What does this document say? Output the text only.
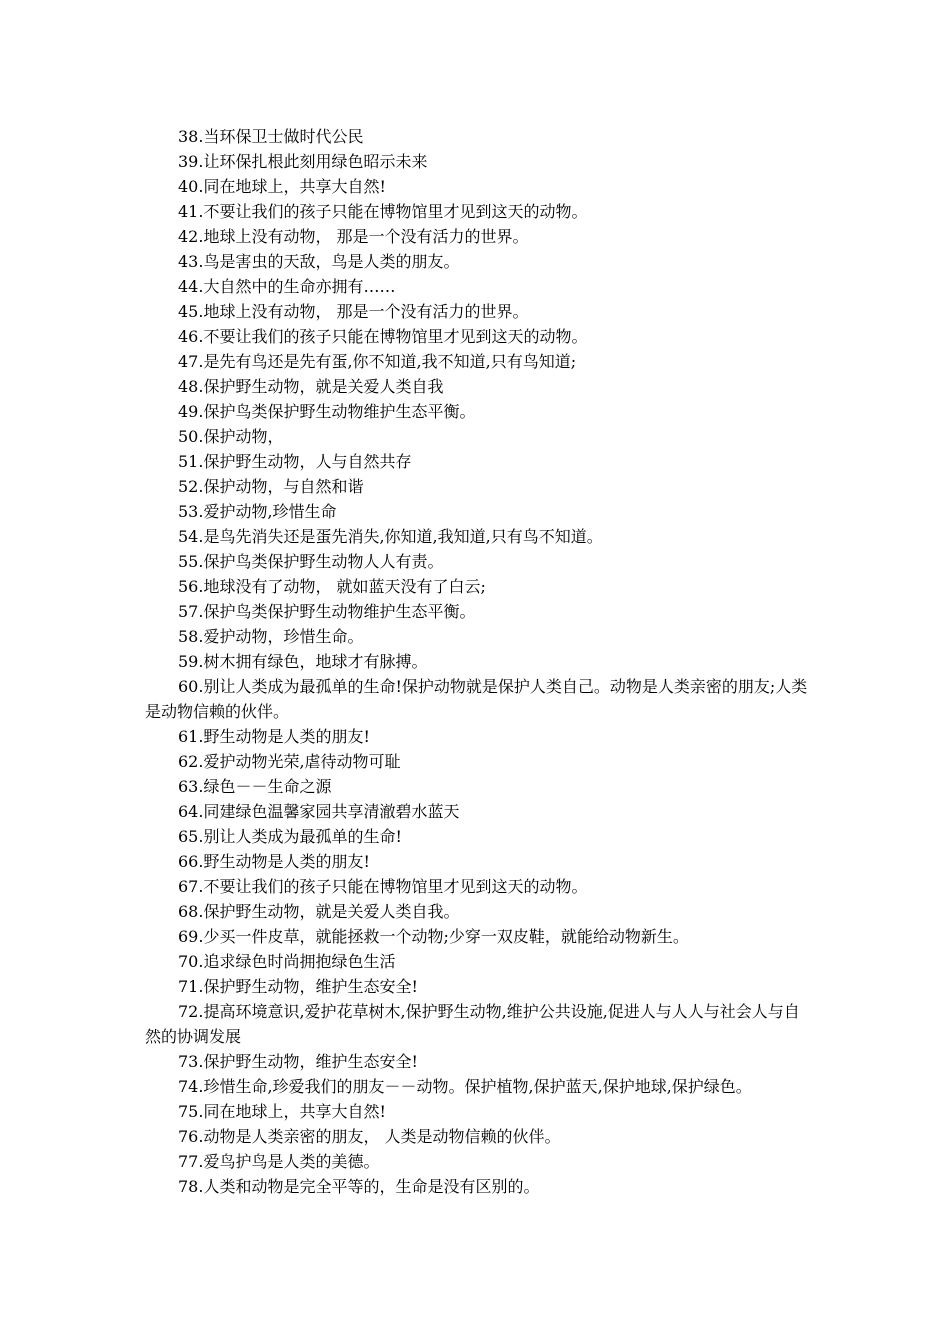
38.当环保卫士做时代公民

39.让环保扎根此刻用绿色昭示未来

40.同在地球上，共享大自然!

41.不要让我们的孩子只能在博物馆里才见到这天的动物。

42.地球上没有动物， 那是一个没有活力的世界。

43.鸟是害虫的天敌，鸟是人类的朋友。

44.大自然中的生命亦拥有……

45.地球上没有动物， 那是一个没有活力的世界。

46.不要让我们的孩子只能在博物馆里才见到这天的动物。

47.是先有鸟还是先有蛋,你不知道,我不知道,只有鸟知道;

48.保护野生动物，就是关爱人类自我

49.保护鸟类保护野生动物维护生态平衡。

50.保护动物，

51.保护野生动物，人与自然共存

52.保护动物，与自然和谐

53.爱护动物,珍惜生命

54.是鸟先消失还是蛋先消失,你知道,我知道,只有鸟不知道。

55.保护鸟类保护野生动物人人有责。

56.地球没有了动物， 就如蓝天没有了白云;

57.保护鸟类保护野生动物维护生态平衡。

58.爱护动物，珍惜生命。

59.树木拥有绿色，地球才有脉搏。

60.别让人类成为最孤单的生命!保护动物就是保护人类自己。动物是人类亲密的朋友;人类是动物信赖的伙伴。

61.野生动物是人类的朋友!

62.爱护动物光荣,虐待动物可耻

63.绿色－－生命之源

64.同建绿色温馨家园共享清澈碧水蓝天

65.别让人类成为最孤单的生命!

66.野生动物是人类的朋友!

67.不要让我们的孩子只能在博物馆里才见到这天的动物。

68.保护野生动物，就是关爱人类自我。

69.少买一件皮草，就能拯救一个动物;少穿一双皮鞋，就能给动物新生。

70.追求绿色时尚拥抱绿色生活

71.保护野生动物，维护生态安全!

72.提高环境意识,爱护花草树木,保护野生动物,维护公共设施,促进人与人人与社会人与自然的协调发展

73.保护野生动物，维护生态安全!

74.珍惜生命,珍爱我们的朋友－－动物。保护植物,保护蓝天,保护地球,保护绿色。

75.同在地球上，共享大自然!

76.动物是人类亲密的朋友， 人类是动物信赖的伙伴。

77.爱鸟护鸟是人类的美德。

78.人类和动物是完全平等的，生命是没有区别的。
